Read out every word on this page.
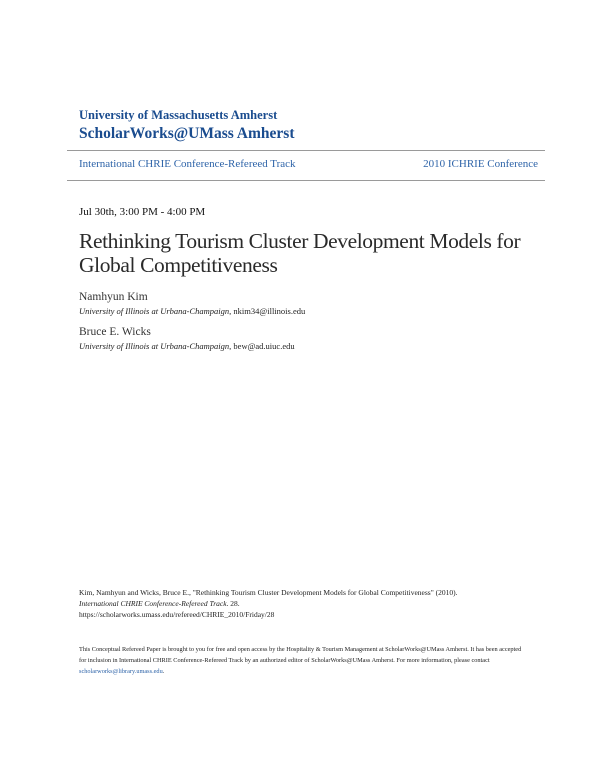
University of Massachusetts Amherst
ScholarWorks@UMass Amherst
International CHRIE Conference-Refereed Track	2010 ICHRIE Conference
Jul 30th, 3:00 PM - 4:00 PM
Rethinking Tourism Cluster Development Models for Global Competitiveness
Namhyun Kim
University of Illinois at Urbana-Champaign, nkim34@illinois.edu
Bruce E. Wicks
University of Illinois at Urbana-Champaign, bew@ad.uiuc.edu
Kim, Namhyun and Wicks, Bruce E., "Rethinking Tourism Cluster Development Models for Global Competitiveness" (2010).
International CHRIE Conference-Refereed Track. 28.
https://scholarworks.umass.edu/refereed/CHRIE_2010/Friday/28
This Conceptual Refereed Paper is brought to you for free and open access by the Hospitality & Tourism Management at ScholarWorks@UMass Amherst. It has been accepted for inclusion in International CHRIE Conference-Refereed Track by an authorized editor of ScholarWorks@UMass Amherst. For more information, please contact scholarworks@library.umass.edu.
